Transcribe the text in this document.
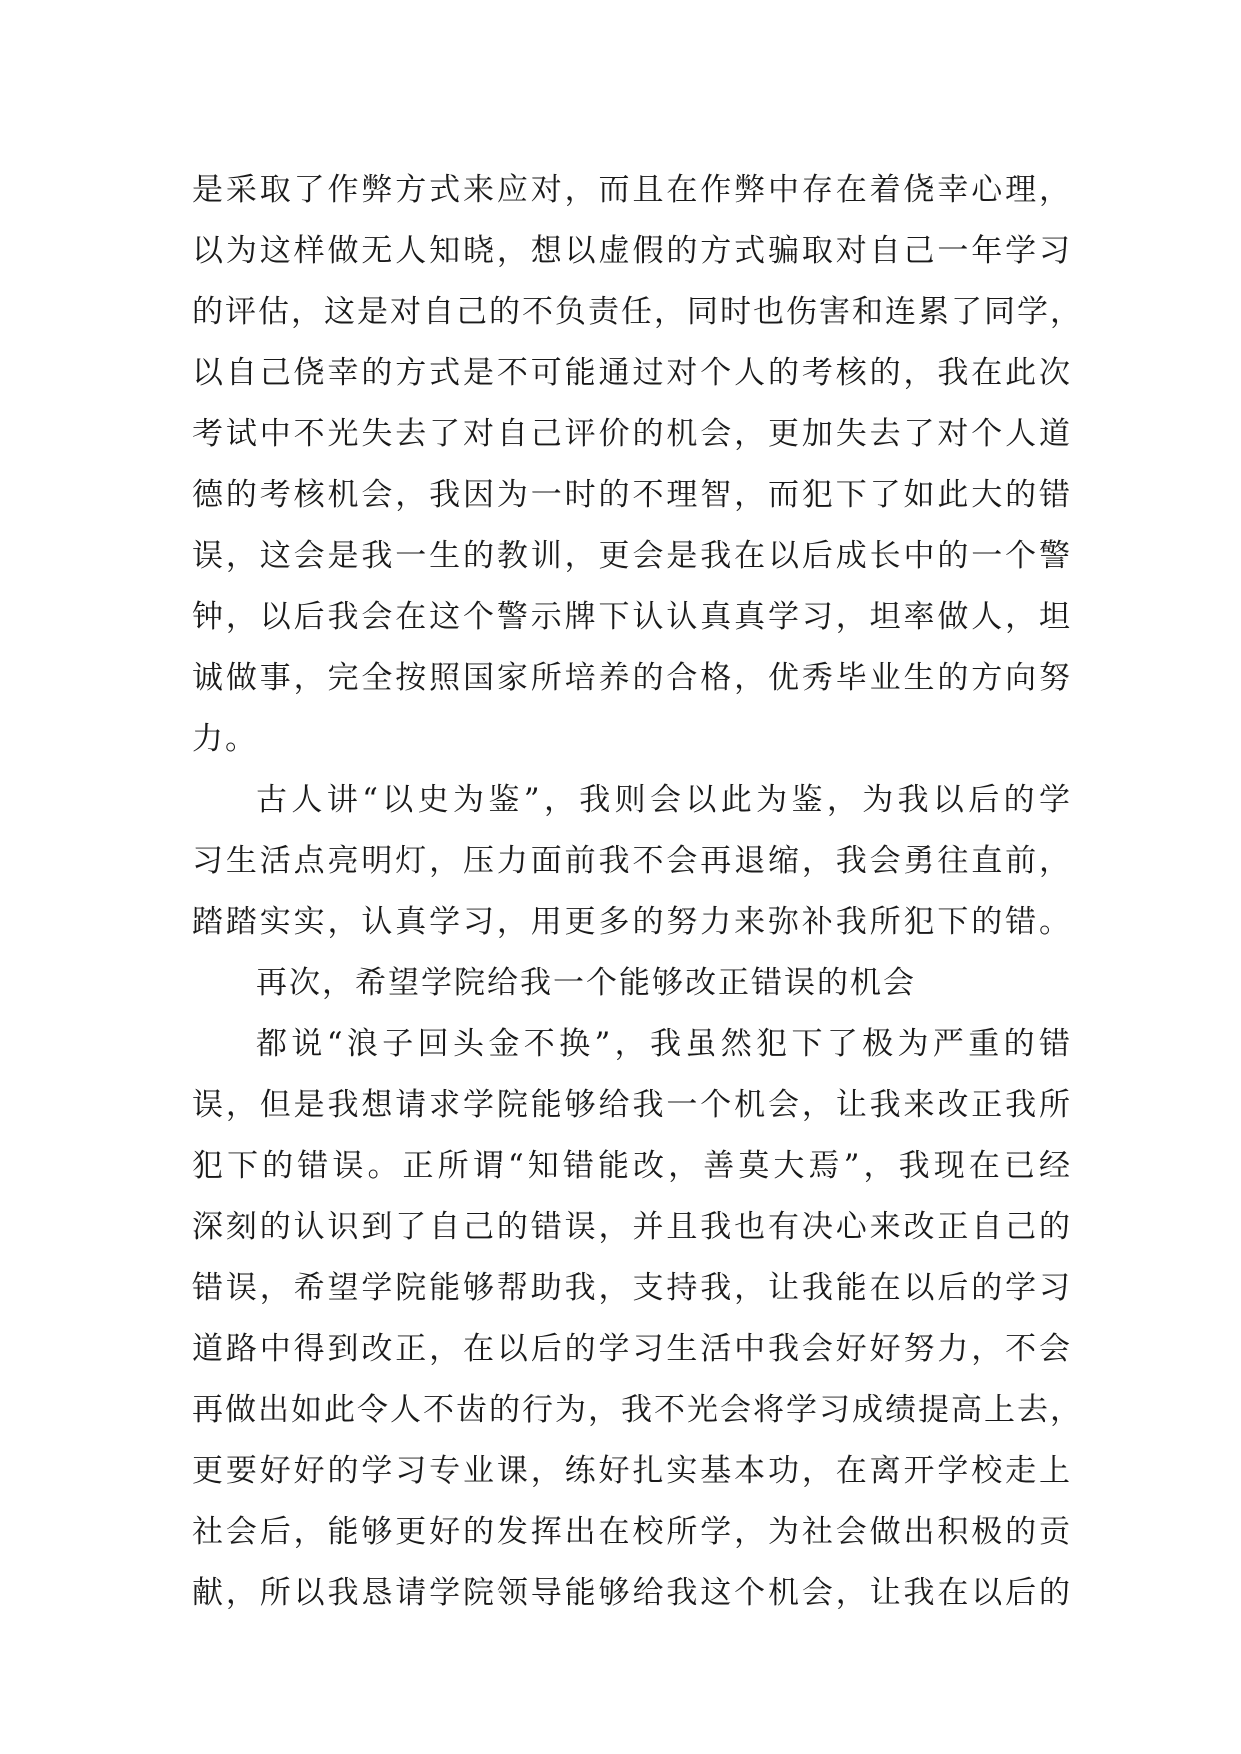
是采取了作弊方式来应对，而且在作弊中存在着侥幸心理，
以为这样做无人知晓，想以虚假的方式骗取对自己一年学习
的评估，这是对自己的不负责任，同时也伤害和连累了同学，
以自己侥幸的方式是不可能通过对个人的考核的，我在此次
考试中不光失去了对自己评价的机会，更加失去了对个人道
德的考核机会，我因为一时的不理智，而犯下了如此大的错
误，这会是我一生的教训，更会是我在以后成长中的一个警
钟，以后我会在这个警示牌下认认真真学习，坦率做人，坦
诚做事，完全按照国家所培养的合格，优秀毕业生的方向努
力。
古人讲“以史为鉴”，我则会以此为鉴，为我以后的学
习生活点亮明灯，压力面前我不会再退缩，我会勇往直前，
踏踏实实，认真学习，用更多的努力来弥补我所犯下的错。
再次，希望学院给我一个能够改正错误的机会
都说“浪子回头金不换”，我虽然犯下了极为严重的错
误，但是我想请求学院能够给我一个机会，让我来改正我所
犯下的错误。正所谓“知错能改，善莫大焉”，我现在已经
深刻的认识到了自己的错误，并且我也有决心来改正自己的
错误，希望学院能够帮助我，支持我，让我能在以后的学习
道路中得到改正，在以后的学习生活中我会好好努力，不会
再做出如此令人不齿的行为，我不光会将学习成绩提高上去，
更要好好的学习专业课，练好扎实基本功，在离开学校走上
社会后，能够更好的发挥出在校所学，为社会做出积极的贡
献，所以我恳请学院领导能够给我这个机会，让我在以后的
